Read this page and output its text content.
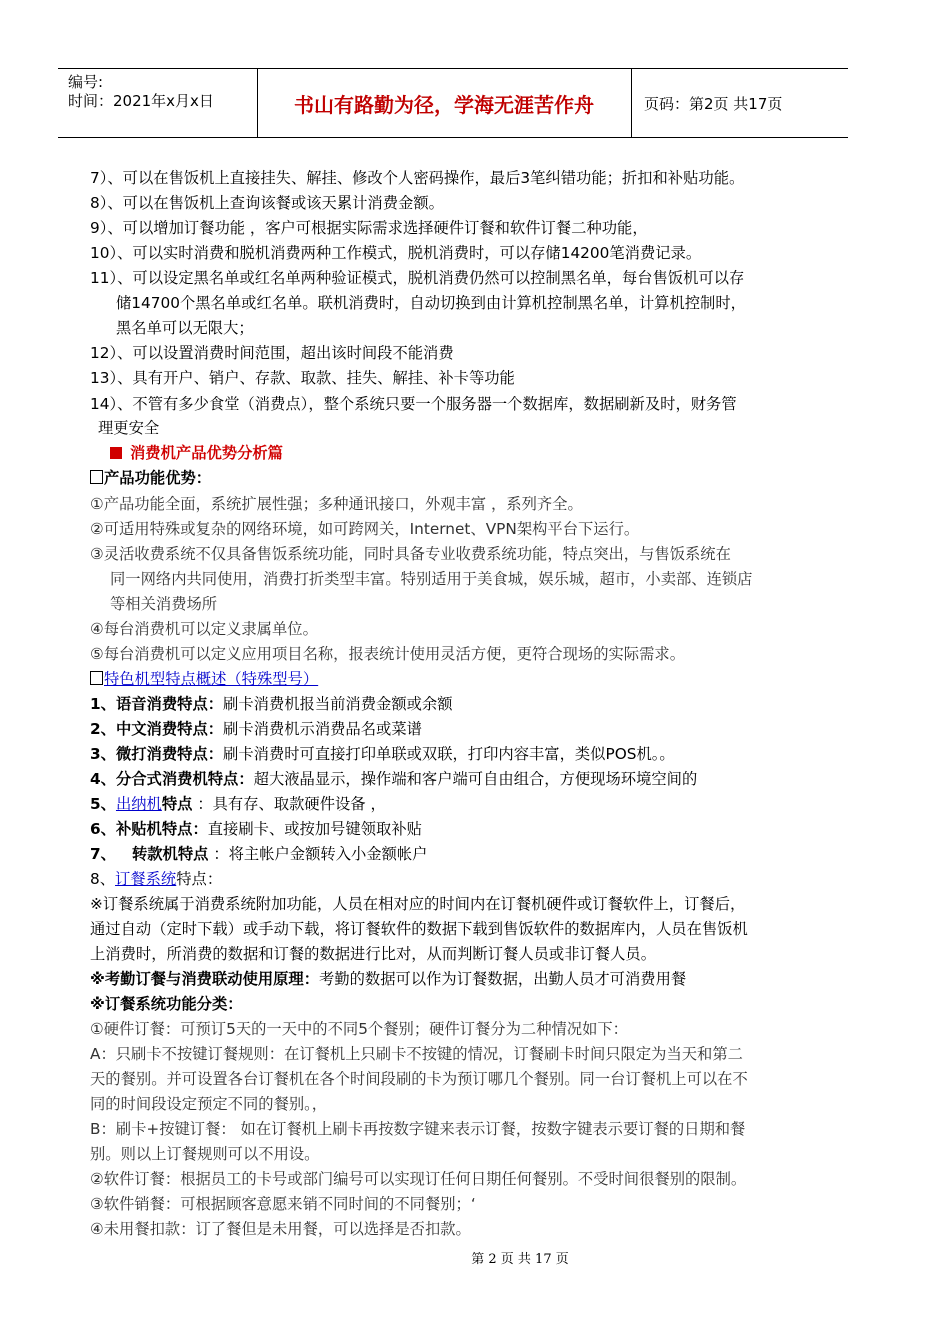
编号:
时间：2021年x月x日	书山有路勤为径，学海无涯苦作舟	页码：第2页 共17页
7）、可以在售饭机上直接挂失、解挂、修改个人密码操作，最后3笔纠错功能；折扣和补贴功能。
8）、可以在售饭机上查询该餐或该天累计消费金额。
9）、可以增加订餐功能 ，客户可根据实际需求选择硬件订餐和软件订餐二种功能，
10）、可以实时消费和脱机消费两种工作模式，脱机消费时，可以存储14200笔消费记录。
11）、可以设定黑名单或红名单两种验证模式，脱机消费仍然可以控制黑名单，每台售饭机可以存
储14700个黑名单或红名单。联机消费时，自动切换到由计算机控制黑名单，计算机控制时，
黑名单可以无限大；
12）、可以设置消费时间范围，超出该时间段不能消费
13）、具有开户、销户、存款、取款、挂失、解挂、补卡等功能
14）、不管有多少食堂（消费点），整个系统只要一个服务器一个数据库，数据刷新及时，财务管
理更安全
消费机产品优势分析篇
产品功能优势：
①产品功能全面，系统扩展性强；多种通讯接口，外观丰富 ，系列齐全。
②可适用特殊或复杂的网络环境，如可跨网关，Internet、VPN架构平台下运行。
③灵活收费系统不仅具备售饭系统功能，同时具备专业收费系统功能，特点突出，与售饭系统在
同一网络内共同使用，消费打折类型丰富。特别适用于美食城，娱乐城，超市，小卖部、连锁店
等相关消费场所
④每台消费机可以定义隶属单位。
⑤每台消费机可以定义应用项目名称，报表统计使用灵活方便，更符合现场的实际需求。
特色机型特点概述（特殊型号）
1、语音消费特点：刷卡消费机报当前消费金额或余额
2、中文消费特点：刷卡消费机示消费品名或菜谱
3、微打消费特点：刷卡消费时可直接打印单联或双联，打印内容丰富，类似POS机。。
4、分合式消费机特点：超大液晶显示，操作端和客户端可自由组合，方便现场环境空间的
5、出纳机特点 ：具有存、取款硬件设备 ，
6、补贴机特点：直接刷卡、或按加号键领取补贴
7、 转款机特点 ：将主帐户金额转入小金额帐户
8、订餐系统特点：
※订餐系统属于消费系统附加功能，人员在相对应的时间内在订餐机硬件或订餐软件上，订餐后，
通过自动（定时下载）或手动下载，将订餐软件的数据下载到售饭软件的数据库内，人员在售饭机
上消费时，所消费的数据和订餐的数据进行比对，从而判断订餐人员或非订餐人员。
※考勤订餐与消费联动使用原理：考勤的数据可以作为订餐数据，出勤人员才可消费用餐
※订餐系统功能分类：
①硬件订餐：可预订5天的一天中的不同5个餐别；硬件订餐分为二种情况如下：
A：只刷卡不按键订餐规则：在订餐机上只刷卡不按键的情况，订餐刷卡时间只限定为当天和第二
天的餐别。并可设置各台订餐机在各个时间段刷的卡为预订哪几个餐别。同一台订餐机上可以在不
同的时间段设定预定不同的餐别。，
B：刷卡+按键订餐： 如在订餐机上刷卡再按数字键来表示订餐，按数字键表示要订餐的日期和餐
别。则以上订餐规则可以不用设。
②软件订餐：根据员工的卡号或部门编号可以实现订任何日期任何餐别。不受时间很餐别的限制。
③软件销餐：可根据顾客意愿来销不同时间的不同餐别；‘
④未用餐扣款：订了餐但是未用餐，可以选择是否扣款。
第 2 页 共 17 页
